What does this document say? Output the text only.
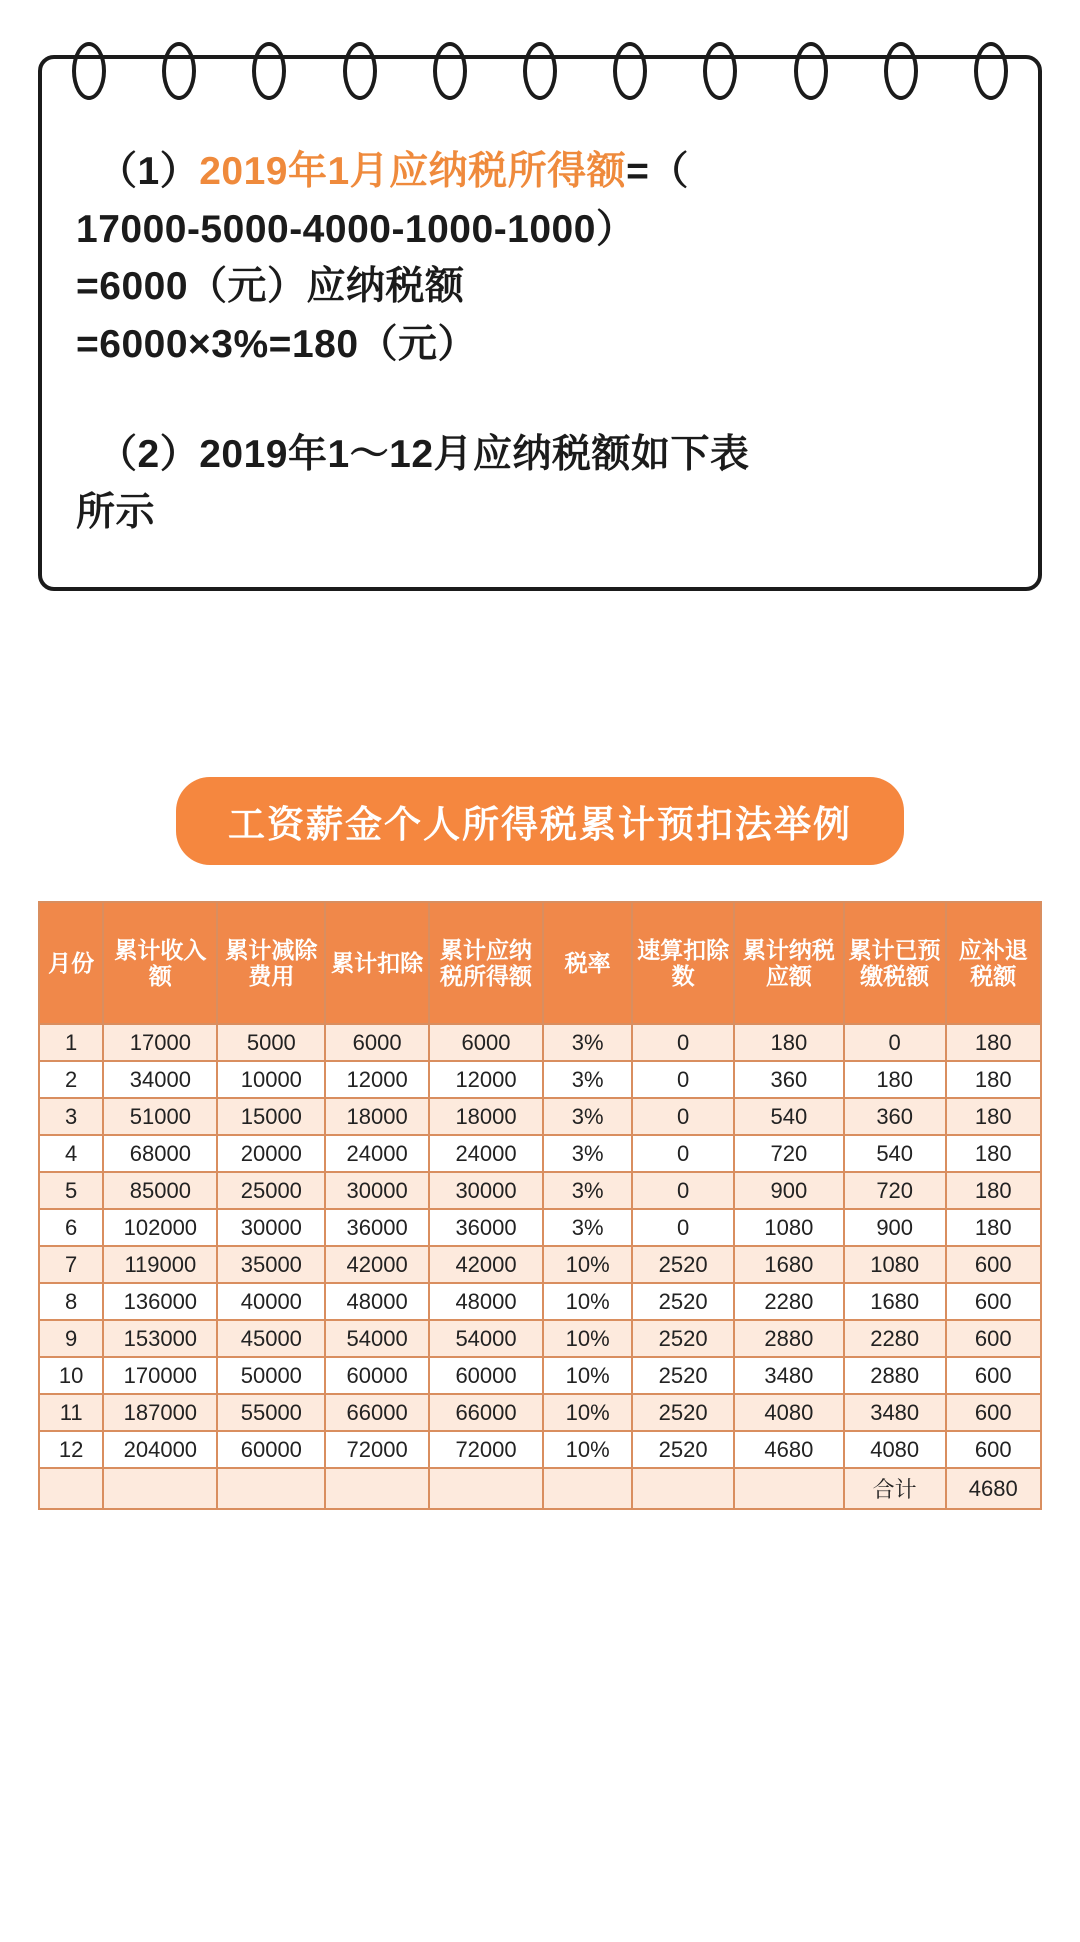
（1）2019年1月应纳税所得额=（
17000-5000-4000-1000-1000）
=6000（元）应纳税额
=6000×3%=180（元）
（2）2019年1～12月应纳税额如下表
所示
工资薪金个人所得税累计预扣法举例
月份	累计收入额	累计减除费用	累计扣除	累计应纳税所得额	税率	速算扣除数	累计纳税应额	累计已预缴税额	应补退税额
1	17000	5000	6000	6000	3%	0	180	0	180
2	34000	10000	12000	12000	3%	0	360	180	180
3	51000	15000	18000	18000	3%	0	540	360	180
4	68000	20000	24000	24000	3%	0	720	540	180
5	85000	25000	30000	30000	3%	0	900	720	180
6	102000	30000	36000	36000	3%	0	1080	900	180
7	119000	35000	42000	42000	10%	2520	1680	1080	600
8	136000	40000	48000	48000	10%	2520	2280	1680	600
9	153000	45000	54000	54000	10%	2520	2880	2280	600
10	170000	50000	60000	60000	10%	2520	3480	2880	600
11	187000	55000	66000	66000	10%	2520	4080	3480	600
12	204000	60000	72000	72000	10%	2520	4680	4080	600
								合计	4680
